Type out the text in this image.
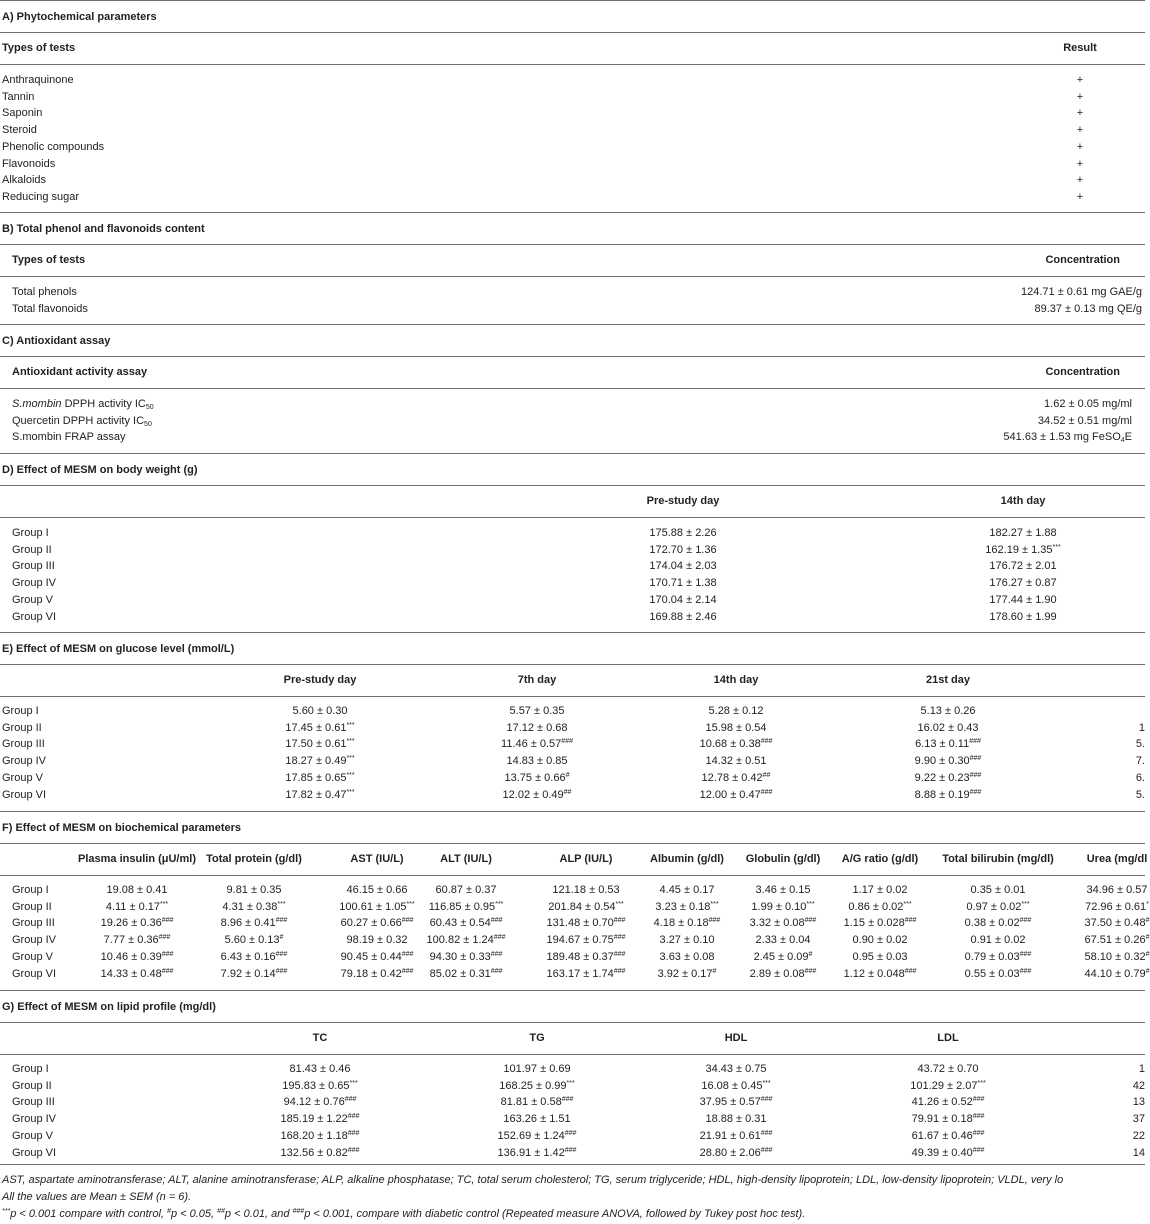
A) Phytochemical parameters
Types of tests	Result
Anthraquinone	+
Tannin	+
Saponin	+
Steroid	+
Phenolic compounds	+
Flavonoids	+
Alkaloids	+
Reducing sugar	+
B) Total phenol and flavonoids content
Types of tests	Concentration
Total phenols	124.71 ± 0.61 mg GAE/g
Total flavonoids	89.37 ± 0.13 mg QE/g
C) Antioxidant assay
Antioxidant activity assay	Concentration
S.mombin DPPH activity $IC_{50}$	1.62 ± 0.05 mg/ml
Quercetin DPPH activity $IC_{50}$	34.52 ± 0.51 mg/ml
S.mombin FRAP assay	541.63 ± 1.53 mg FeSO$_4$E
D) Effect of MESM on body weight (g)
Pre-study day	14th day
Group I	175.88 ± 2.26	182.27 ± 1.88
Group II	172.70 ± 1.36	162.19 ± 1.35***
Group III	174.04 ± 2.03	176.72 ± 2.01
Group IV	170.71 ± 1.38	176.27 ± 0.87
Group V	170.04 ± 2.14	177.44 ± 1.90
Group VI	169.88 ± 2.46	178.60 ± 1.99
E) Effect of MESM on glucose level (mmol/L)
Pre-study day	7th day	14th day	21st day
Group I	5.60 ± 0.30	5.57 ± 0.35	5.28 ± 0.12	5.13 ± 0.26
Group II	17.45 ± 0.61***	17.12 ± 0.68	15.98 ± 0.54	16.02 ± 0.43	1
Group III	17.50 ± 0.61***	11.46 ± 0.57###	10.68 ± 0.38###	6.13 ± 0.11###	5.
Group IV	18.27 ± 0.49***	14.83 ± 0.85	14.32 ± 0.51	9.90 ± 0.30###	7.
Group V	17.85 ± 0.65***	13.75 ± 0.66#	12.78 ± 0.42##	9.22 ± 0.23###	6.
Group VI	17.82 ± 0.47***	12.02 ± 0.49##	12.00 ± 0.47###	8.88 ± 0.19###	5.
F) Effect of MESM on biochemical parameters
Plasma insulin (μU/ml) Total protein (g/dl)	AST (IU/L)	ALT (IU/L)	ALP (IU/L)	Albumin (g/dl) Globulin (g/dl) A/G ratio (g/dl) Total bilirubin (mg/dl)	Urea (mg/dl
Group I	19.08 ± 0.41	9.81 ± 0.35	46.15 ± 0.66	60.87 ± 0.37	121.18 ± 0.53	4.45 ± 0.17	3.46 ± 0.15	1.17 ± 0.02	0.35 ± 0.01	34.96 ± 0.57
Group II	4.11 ± 0.17***	4.31 ± 0.38***	100.61 ± 1.05*** 116.85 ± 0.95***	201.84 ± 0.54***	3.23 ± 0.18***	1.99 ± 0.10***	0.86 ± 0.02***	0.97 ± 0.02***	72.96 ± 0.61*
Group III	19.26 ± 0.36###	8.96 ± 0.41###	60.27 ± 0.66### 60.43 ± 0.54###	131.48 ± 0.70###	4.18 ± 0.18###	3.32 ± 0.08### 1.15 ± 0.028###	0.38 ± 0.02###	37.50 ± 0.48#
Group IV	7.77 ± 0.36###	5.60 ± 0.13#	98.19 ± 0.32 100.82 ± 1.24###	194.67 ± 0.75###	3.27 ± 0.10	2.33 ± 0.04	0.90 ± 0.02	0.91 ± 0.02	67.51 ± 0.26#
Group V	10.46 ± 0.39###	6.43 ± 0.16###	90.45 ± 0.44### 94.30 ± 0.33###	189.48 ± 0.37###	3.63 ± 0.08	2.45 ± 0.09#	0.95 ± 0.03	0.79 ± 0.03###	58.10 ± 0.32#
Group VI	14.33 ± 0.48###	7.92 ± 0.14###	79.18 ± 0.42### 85.02 ± 0.31###	163.17 ± 1.74###	3.92 ± 0.17#	2.89 ± 0.08### 1.12 ± 0.048###	0.55 ± 0.03###	44.10 ± 0.79#
G) Effect of MESM on lipid profile (mg/dl)
TC	TG	HDL	LDL
Group I	81.43 ± 0.46	101.97 ± 0.69	34.43 ± 0.75	43.72 ± 0.70	1
Group II	195.83 ± 0.65***	168.25 ± 0.99***	16.08 ± 0.45***	101.29 ± 2.07***	42
Group III	94.12 ± 0.76###	81.81 ± 0.58###	37.95 ± 0.57###	41.26 ± 0.52###	13
Group IV	185.19 ± 1.22###	163.26 ± 1.51	18.88 ± 0.31	79.91 ± 0.18###	37
Group V	168.20 ± 1.18###	152.69 ± 1.24###	21.91 ± 0.61###	61.67 ± 0.46###	22
Group VI	132.56 ± 0.82###	136.91 ± 1.42###	28.80 ± 2.06###	49.39 ± 0.40###	14
AST, aspartate aminotransferase; ALT, alanine aminotransferase; ALP, alkaline phosphatase; TC, total serum cholesterol; TG, serum triglyceride; HDL, high-density lipoprotein; LDL, low-density lipoprotein; VLDL, very lo
All the values are Mean ± SEM (n = 6).
***p < 0.001 compare with control, #p < 0.05, ##p < 0.01, and ###p < 0.001, compare with diabetic control (Repeated measure ANOVA, followed by Tukey post hoc test).
